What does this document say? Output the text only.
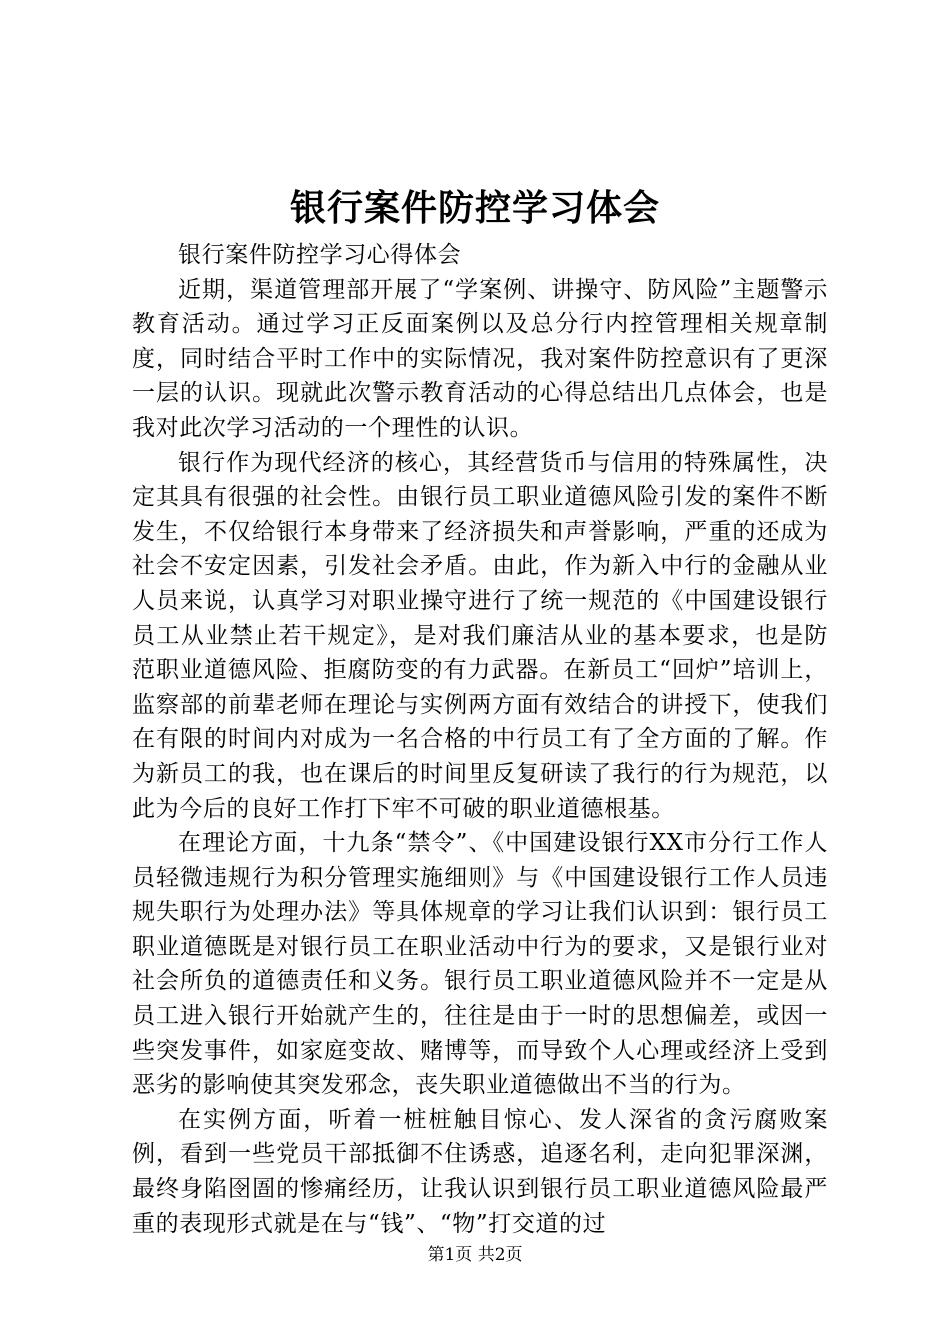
银行案件防控学习体会

银行案件防控学习心得体会

近期，渠道管理部开展了“学案例、讲操守、防风险”主题警示教育活动。通过学习正反面案例以及总分行内控管理相关规章制度，同时结合平时工作中的实际情况，我对案件防控意识有了更深一层的认识。现就此次警示教育活动的心得总结出几点体会，也是我对此次学习活动的一个理性的认识。

银行作为现代经济的核心，其经营货币与信用的特殊属性，决定其具有很强的社会性。由银行员工职业道德风险引发的案件不断发生，不仅给银行本身带来了经济损失和声誉影响，严重的还成为社会不安定因素，引发社会矛盾。由此，作为新入中行的金融从业人员来说，认真学习对职业操守进行了统一规范的《中国建设银行员工从业禁止若干规定》，是对我们廉洁从业的基本要求，也是防范职业道德风险、拒腐防变的有力武器。在新员工“回炉”培训上，监察部的前辈老师在理论与实例两方面有效结合的讲授下，使我们在有限的时间内对成为一名合格的中行员工有了全方面的了解。作为新员工的我，也在课后的时间里反复研读了我行的行为规范，以此为今后的良好工作打下牢不可破的职业道德根基。

在理论方面，十九条“禁令”、《中国建设银行XX市分行工作人员轻微违规行为积分管理实施细则》与《中国建设银行工作人员违规失职行为处理办法》等具体规章的学习让我们认识到：银行员工职业道德既是对银行员工在职业活动中行为的要求，又是银行业对社会所负的道德责任和义务。银行员工职业道德风险并不一定是从员工进入银行开始就产生的，往往是由于一时的思想偏差，或因一些突发事件，如家庭变故、赌博等，而导致个人心理或经济上受到恶劣的影响使其突发邪念，丧失职业道德做出不当的行为。

在实例方面，听着一桩桩触目惊心、发人深省的贪污腐败案例，看到一些党员干部抵御不住诱惑，追逐名利，走向犯罪深渊，最终身陷囹圄的惨痛经历，让我认识到银行员工职业道德风险最严重的表现形式就是在与“钱”、“物”打交道的过

第1页 共2页
